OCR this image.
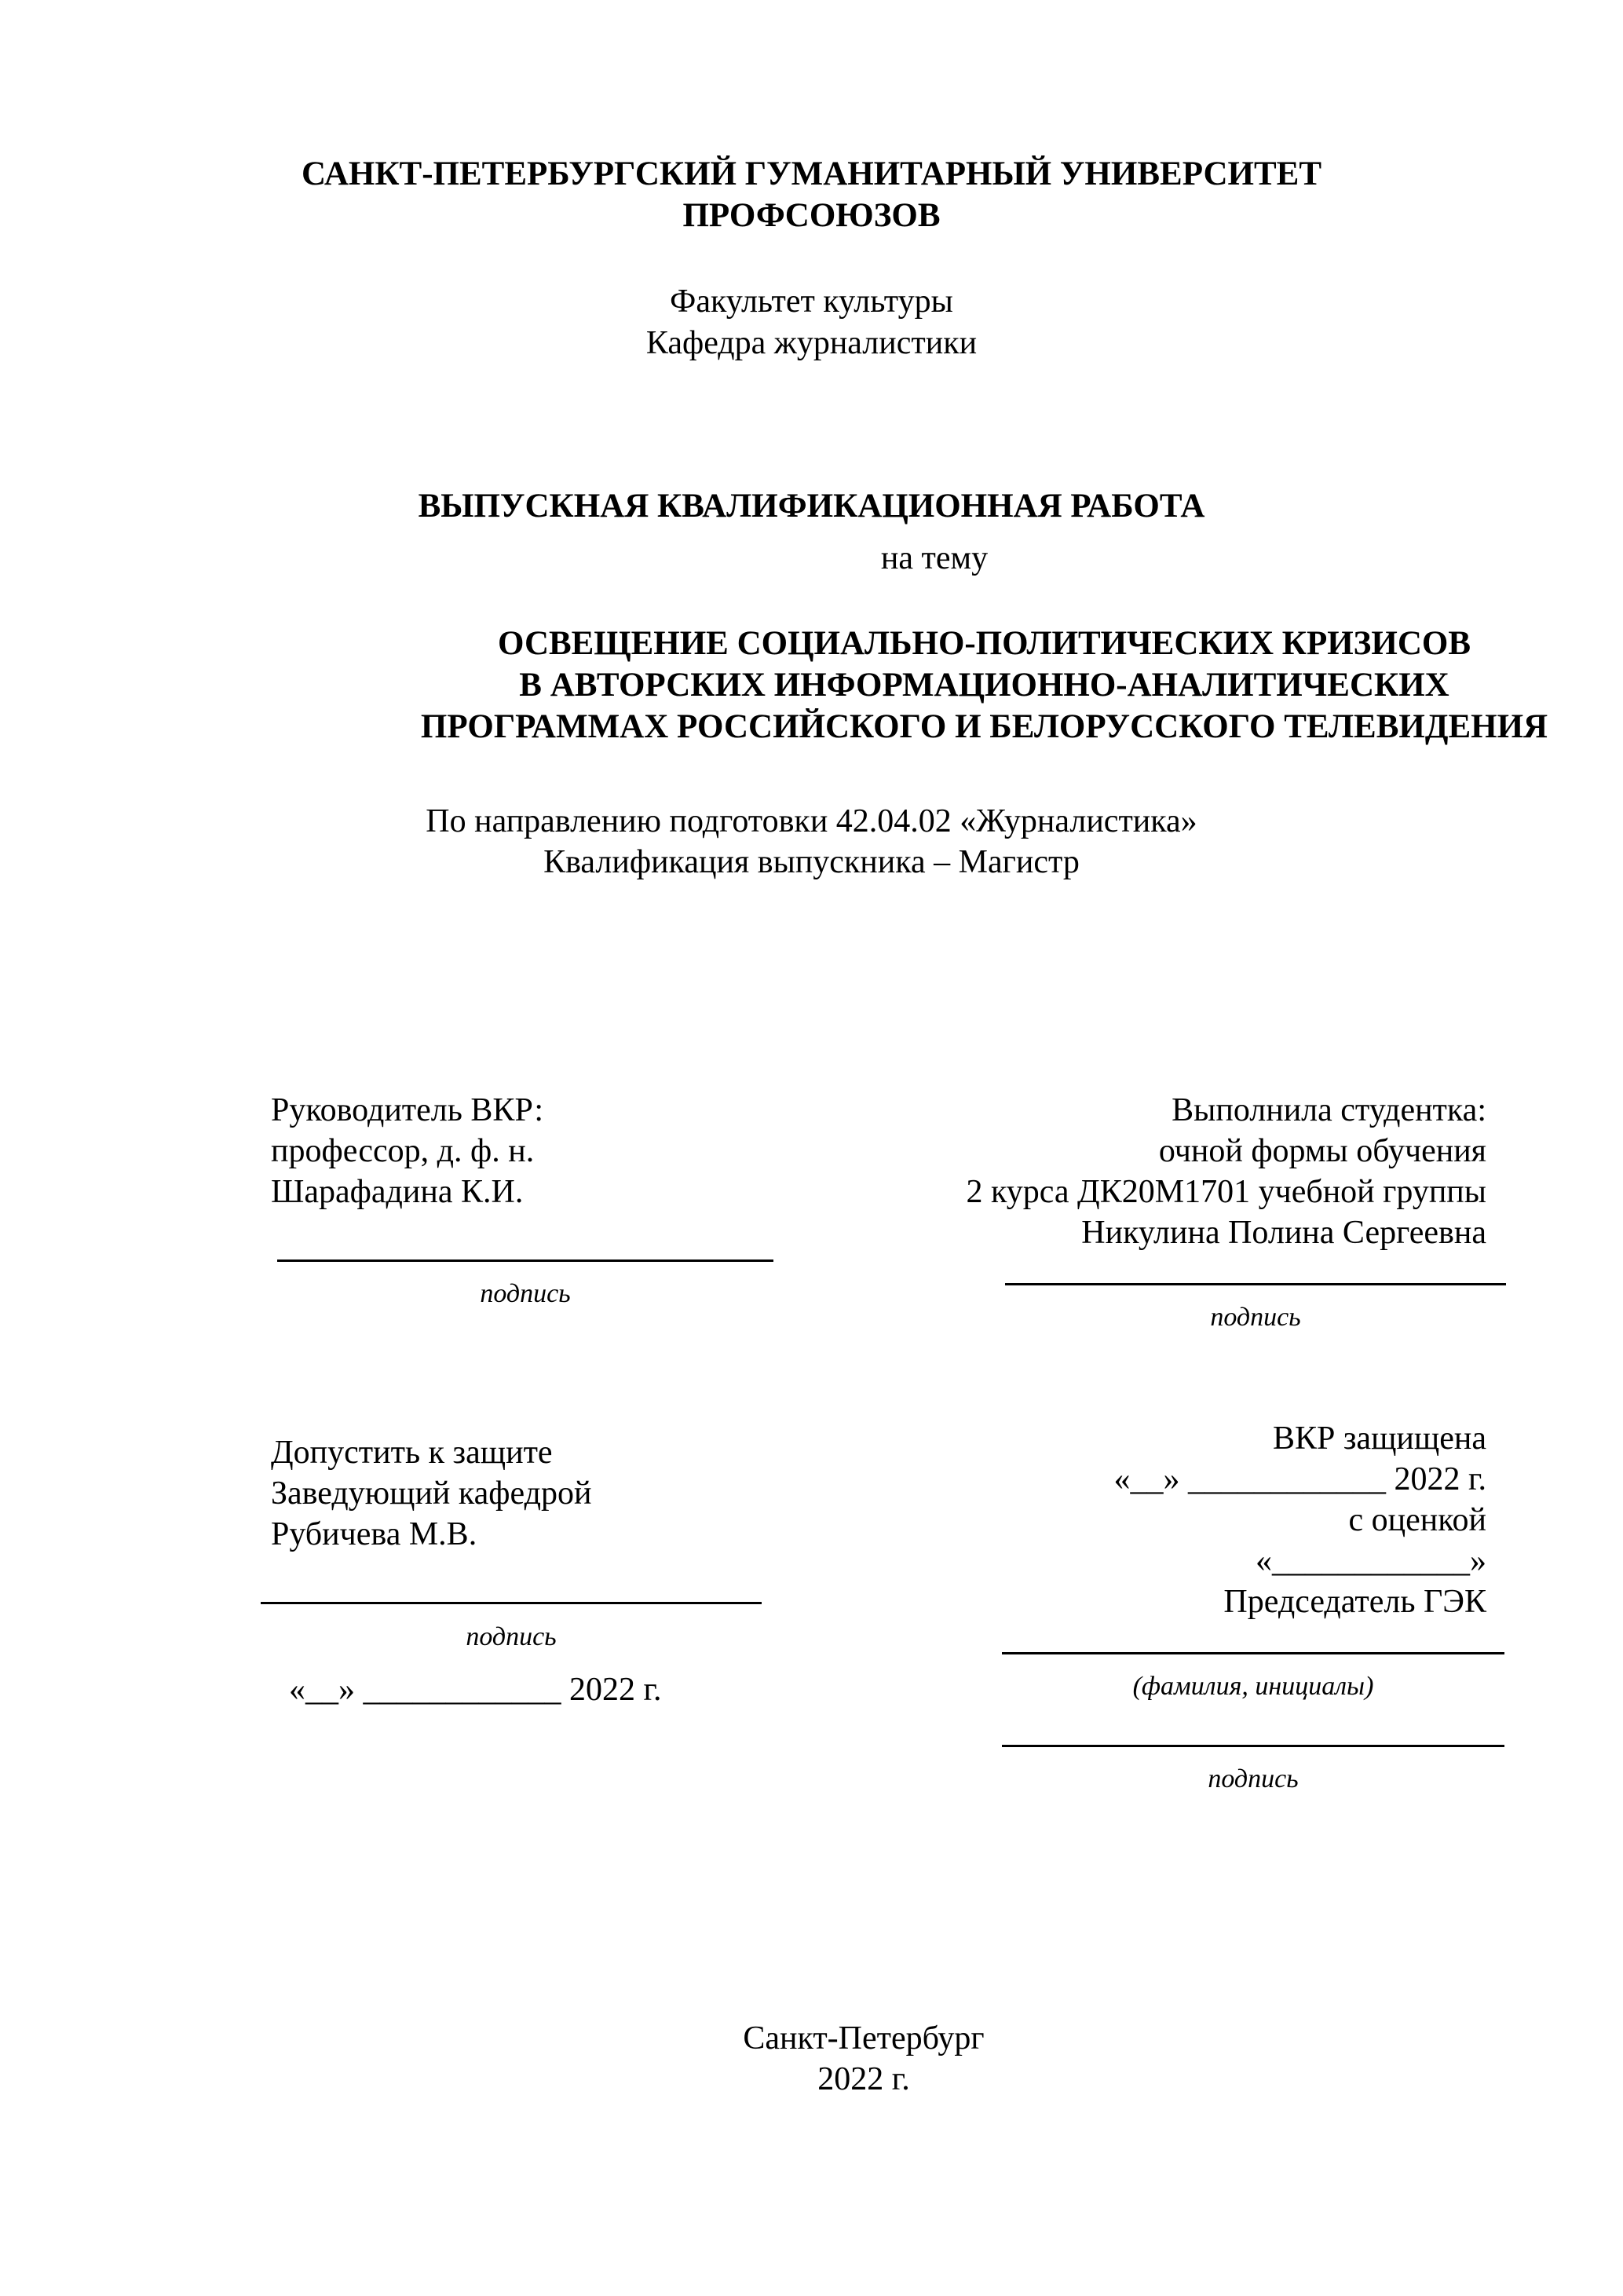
САНКТ-ПЕТЕРБУРГСКИЙ ГУМАНИТАРНЫЙ УНИВЕРСИТЕТ
ПРОФСОЮЗОВ
Факультет культуры
Кафедра журналистики
ВЫПУСКНАЯ КВАЛИФИКАЦИОННАЯ РАБОТА
на тему
ОСВЕЩЕНИЕ СОЦИАЛЬНО-ПОЛИТИЧЕСКИХ КРИЗИСОВ
В АВТОРСКИХ ИНФОРМАЦИОННО-АНАЛИТИЧЕСКИХ
ПРОГРАММАХ РОССИЙСКОГО И БЕЛОРУССКОГО ТЕЛЕВИДЕНИЯ
По направлению подготовки 42.04.02 «Журналистика»
Квалификация выпускника – Магистр
Руководитель ВКР:
профессор, д. ф. н.
Шарафадина К.И.
подпись
Выполнила студентка:
очной формы обучения
2 курса ДК20М1701 учебной группы
Никулина Полина Сергеевна
подпись
Допустить к защите
Заведующий кафедрой
Рубичева М.В.
подпись
«__» ____________ 2022 г.
ВКР защищена
«__» ____________ 2022 г.
с оценкой
«____________»
Председатель ГЭК
(фамилия, инициалы)
подпись
Санкт-Петербург
2022 г.
